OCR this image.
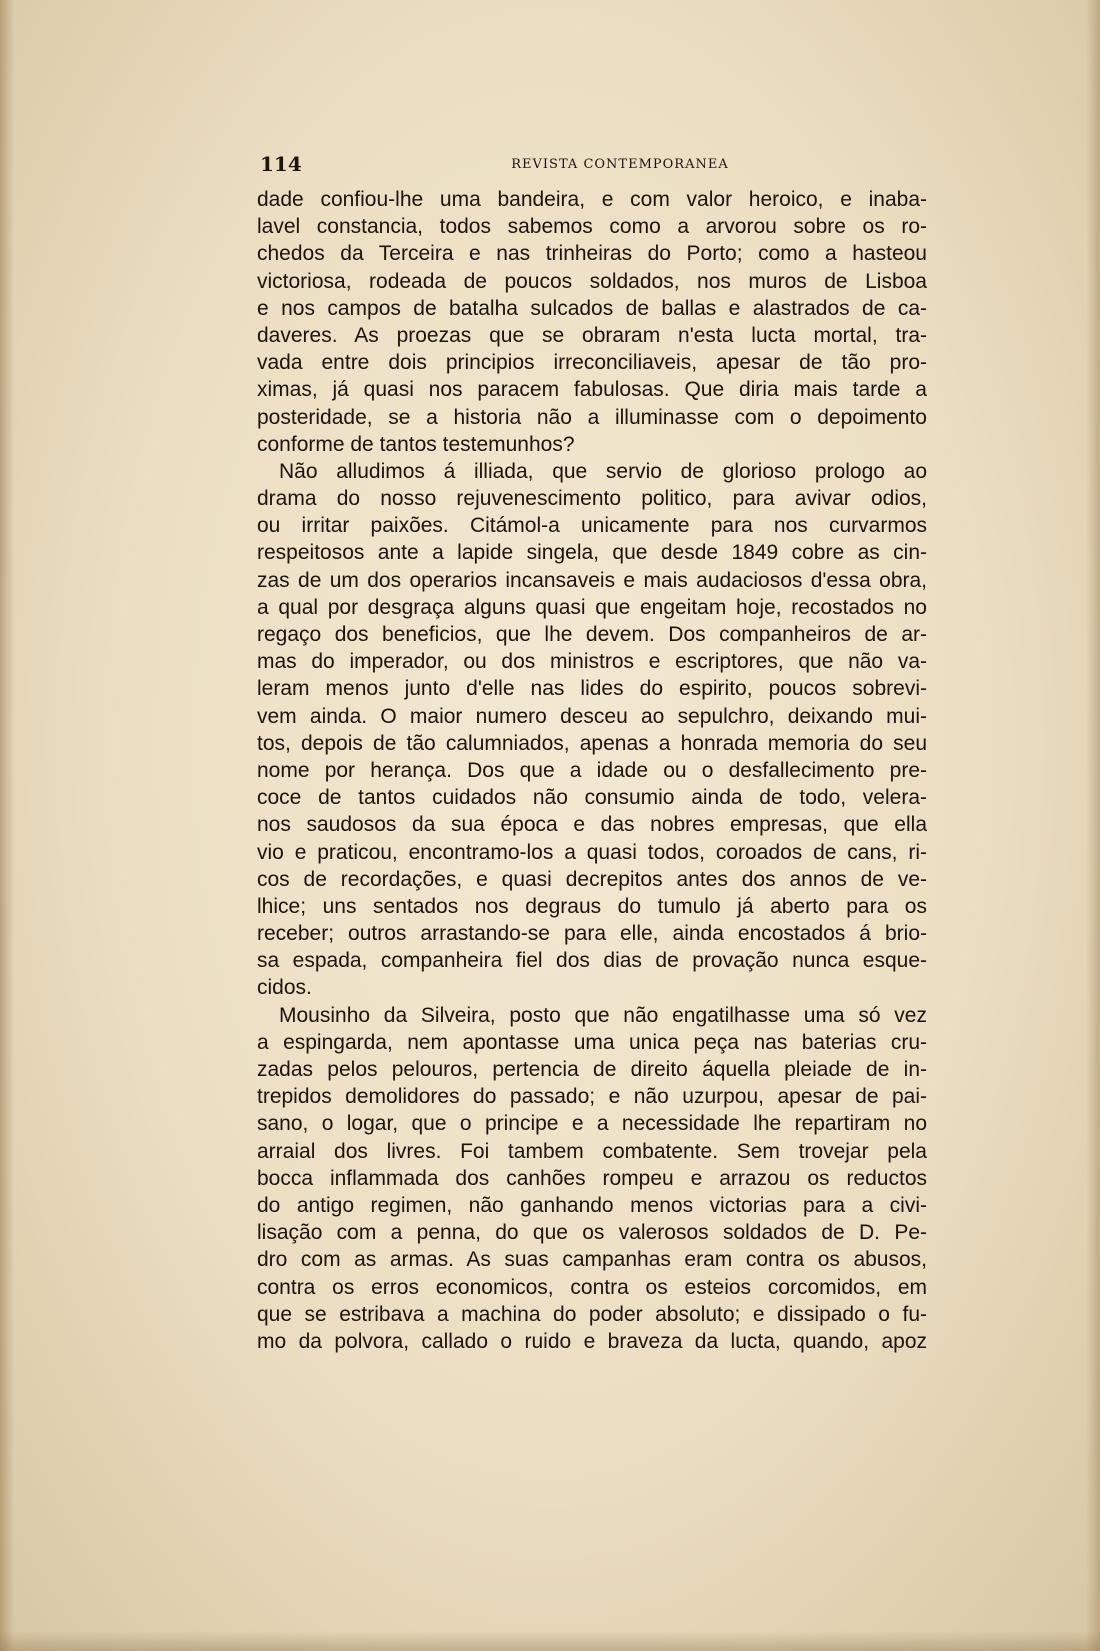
114	REVISTA CONTEMPORANEA
dade confiou-lhe uma bandeira, e com valor heroico, e inaba-
lavel constancia, todos sabemos como a arvorou sobre os ro-
chedos da Terceira e nas trinheiras do Porto; como a hasteou
victoriosa, rodeada de poucos soldados, nos muros de Lisboa
e nos campos de batalha sulcados de ballas e alastrados de ca-
daveres. As proezas que se obraram n'esta lucta mortal, tra-
vada entre dois principios irreconciliaveis, apesar de tão pro-
ximas, já quasi nos paracem fabulosas. Que diria mais tarde a
posteridade, se a historia não a illuminasse com o depoimento
conforme de tantos testemunhos?
Não alludimos á illiada, que servio de glorioso prologo ao
drama do nosso rejuvenescimento politico, para avivar odios,
ou irritar paixões. Citámol-a unicamente para nos curvarmos
respeitosos ante a lapide singela, que desde 1849 cobre as cin-
zas de um dos operarios incansaveis e mais audaciosos d'essa obra,
a qual por desgraça alguns quasi que engeitam hoje, recostados no
regaço dos beneficios, que lhe devem. Dos companheiros de ar-
mas do imperador, ou dos ministros e escriptores, que não va-
leram menos junto d'elle nas lides do espirito, poucos sobrevi-
vem ainda. O maior numero desceu ao sepulchro, deixando mui-
tos, depois de tão calumniados, apenas a honrada memoria do seu
nome por herança. Dos que a idade ou o desfallecimento pre-
coce de tantos cuidados não consumio ainda de todo, velera-
nos saudosos da sua época e das nobres empresas, que ella
vio e praticou, encontramo-los a quasi todos, coroados de cans, ri-
cos de recordações, e quasi decrepitos antes dos annos de ve-
lhice; uns sentados nos degraus do tumulo já aberto para os
receber; outros arrastando-se para elle, ainda encostados á brio-
sa espada, companheira fiel dos dias de provação nunca esque-
cidos.
Mousinho da Silveira, posto que não engatilhasse uma só vez
a espingarda, nem apontasse uma unica peça nas baterias cru-
zadas pelos pelouros, pertencia de direito áquella pleiade de in-
trepidos demolidores do passado; e não uzurpou, apesar de pai-
sano, o logar, que o principe e a necessidade lhe repartiram no
arraial dos livres. Foi tambem combatente. Sem trovejar pela
bocca inflammada dos canhões rompeu e arrazou os reductos
do antigo regimen, não ganhando menos victorias para a civi-
lisação com a penna, do que os valerosos soldados de D. Pe-
dro com as armas. As suas campanhas eram contra os abusos,
contra os erros economicos, contra os esteios corcomidos, em
que se estribava a machina do poder absoluto; e dissipado o fu-
mo da polvora, callado o ruido e braveza da lucta, quando, apoz
